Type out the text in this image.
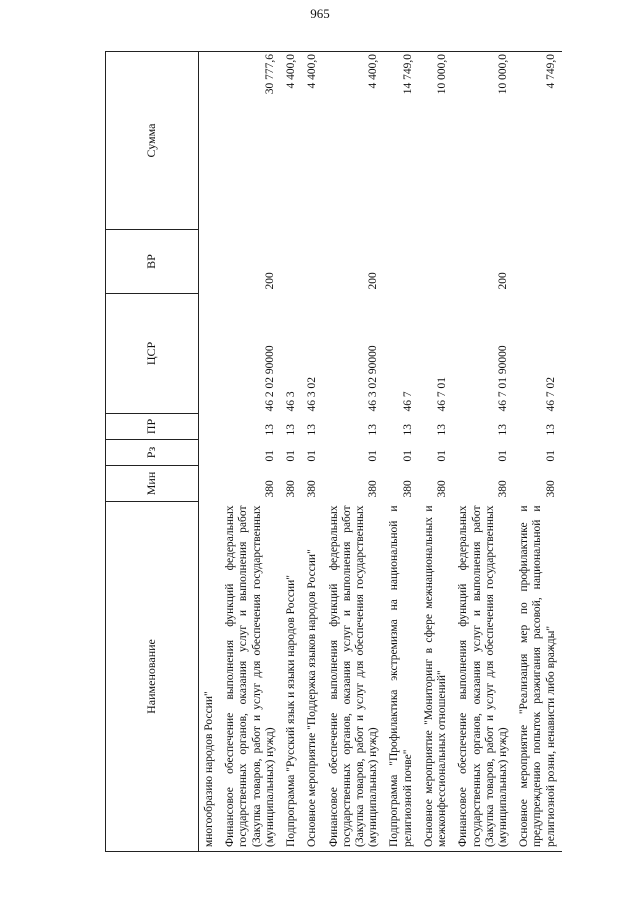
965
Наименование	Мин	Рз	ПР	ЦСР	ВР	Сумма
многообразию народов России"						
Финансовое обеспечение выполнения функций федеральных государственных органов, оказания услуг и выполнения работ (Закупка товаров, работ и услуг для обеспечения государственных (муниципальных) нужд)	380	01	13	46 2 02 90000	200	30 777,6
Подпрограмма "Русский язык и языки народов России"	380	01	13	46 3		4 400,0
Основное мероприятие "Поддержка языков народов России"	380	01	13	46 3 02		4 400,0
Финансовое обеспечение выполнения функций федеральных государственных органов, оказания услуг и выполнения работ (Закупка товаров, работ и услуг для обеспечения государственных (муниципальных) нужд)	380	01	13	46 3 02 90000	200	4 400,0
Подпрограмма "Профилактика экстремизма на национальной и религиозной почве"	380	01	13	46 7		14 749,0
Основное мероприятие "Мониторинг в сфере межнациональных и межконфессиональных отношений"	380	01	13	46 7 01		10 000,0
Финансовое обеспечение выполнения функций федеральных государственных органов, оказания услуг и выполнения работ (Закупка товаров, работ и услуг для обеспечения государственных (муниципальных) нужд)	380	01	13	46 7 01 90000	200	10 000,0
Основное мероприятие "Реализация мер по профилактике и предупреждению попыток разжигания расовой, национальной и религиозной розни, ненависти либо вражды"	380	01	13	46 7 02		4 749,0
